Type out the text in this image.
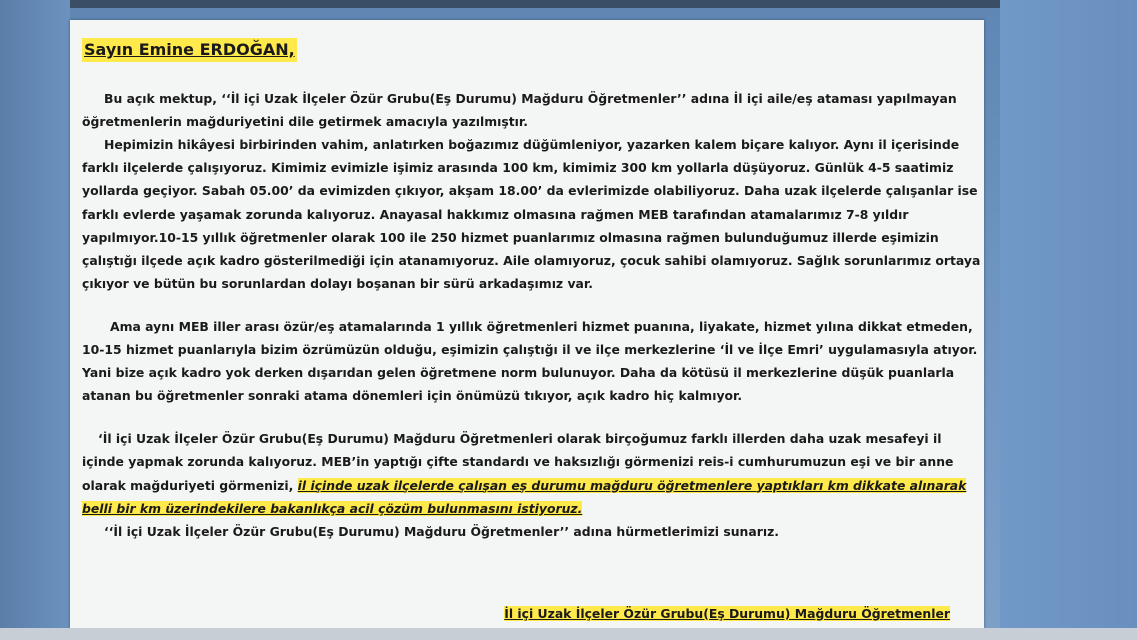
Sayın Emine ERDOĞAN,

Bu açık mektup, ‘‘İl içi Uzak İlçeler Özür Grubu(Eş Durumu) Mağduru Öğretmenler’’ adına İl içi aile/eş ataması yapılmayan öğretmenlerin mağduriyetini dile getirmek amacıyla yazılmıştır.

Hepimizin hikâyesi birbirinden vahim, anlatırken boğazımız düğümleniyor, yazarken kalem biçare kalıyor. Aynı il içerisinde farklı ilçelerde çalışıyoruz. Kimimiz evimizle işimiz arasında 100 km, kimimiz 300 km yollarla düşüyoruz. Günlük 4-5 saatimiz yollarda geçiyor. Sabah 05.00’ da evimizden çıkıyor, akşam 18.00’ da evlerimizde olabiliyoruz. Daha uzak ilçelerde çalışanlar ise farklı evlerde yaşamak zorunda kalıyoruz. Anayasal hakkımız olmasına rağmen MEB tarafından atamalarımız 7-8 yıldır yapılmıyor.10-15 yıllık öğretmenler olarak 100 ile 250 hizmet puanlarımız olmasına rağmen bulunduğumuz illerde eşimizin çalıştığı ilçede açık kadro gösterilmediği için atanamıyoruz. Aile olamıyoruz, çocuk sahibi olamıyoruz. Sağlık sorunlarımız ortaya çıkıyor ve bütün bu sorunlardan dolayı boşanan bir sürü arkadaşımız var.

Ama aynı MEB iller arası özür/eş atamalarında 1 yıllık öğretmenleri hizmet puanına, liyakate, hizmet yılına dikkat etmeden, 10-15 hizmet puanlarıyla bizim özrümüzün olduğu, eşimizin çalıştığı il ve ilçe merkezlerine ‘İl ve İlçe Emri’ uygulamasıyla atıyor. Yani bize açık kadro yok derken dışarıdan gelen öğretmene norm bulunuyor. Daha da kötüsü il merkezlerine düşük puanlarla atanan bu öğretmenler sonraki atama dönemleri için önümüzü tıkıyor, açık kadro hiç kalmıyor.

‘İl içi Uzak İlçeler Özür Grubu(Eş Durumu) Mağduru Öğretmenleri olarak birçoğumuz farklı illerden daha uzak mesafeyi il içinde yapmak zorunda kalıyoruz. MEB’in yaptığı çifte standardı ve haksızlığı görmenizi reis-i cumhurumuzun eşi ve bir anne olarak mağduriyeti görmenizi, il içinde uzak ilçelerde çalışan eş durumu mağduru öğretmenlere yaptıkları km dikkate alınarak belli bir km üzerindekilere bakanlıkça acil çözüm bulunmasını istiyoruz.

‘‘İl içi Uzak İlçeler Özür Grubu(Eş Durumu) Mağduru Öğretmenler’’ adına hürmetlerimizi sunarız.

İl içi Uzak İlçeler Özür Grubu(Eş Durumu) Mağduru Öğretmenler
